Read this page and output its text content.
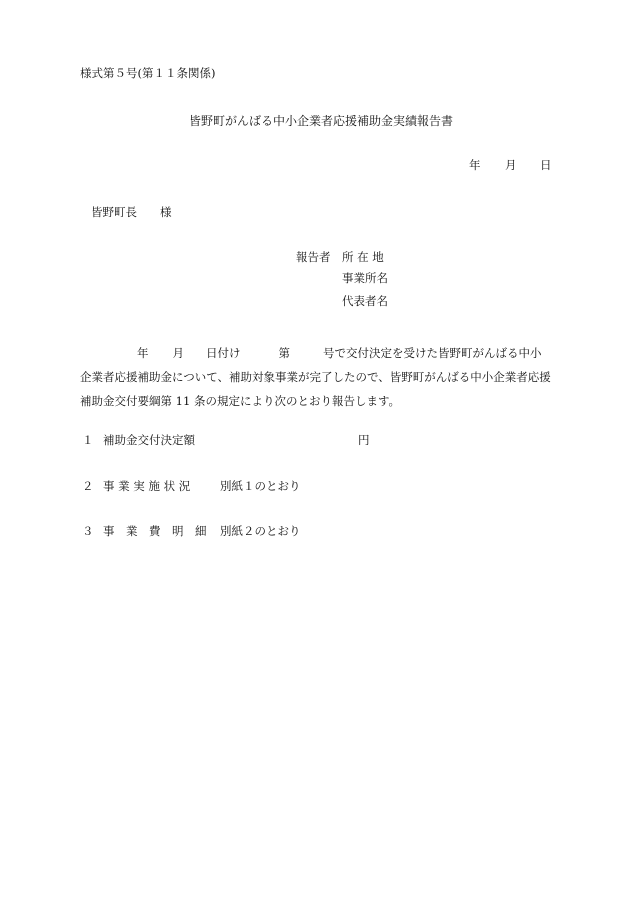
様式第５号(第１１条関係)
皆野町がんばる中小企業者応援補助金実績報告書
年 月 日
皆野町長 様
報告者 所 在 地
事業所名
代表者名
年 月 日付け	第	号で交付決定を受けた皆野町がんばる中小
企業者応援補助金について、補助対象事業が完了したので、皆野町がんばる中小企業者応援
補助金交付要綱第 11 条の規定により次のとおり報告します。
１ 補助金交付決定額	円
２ 事 業 実 施 状 況	別紙１のとおり
３ 事　業　費　明　細 別紙２のとおり
